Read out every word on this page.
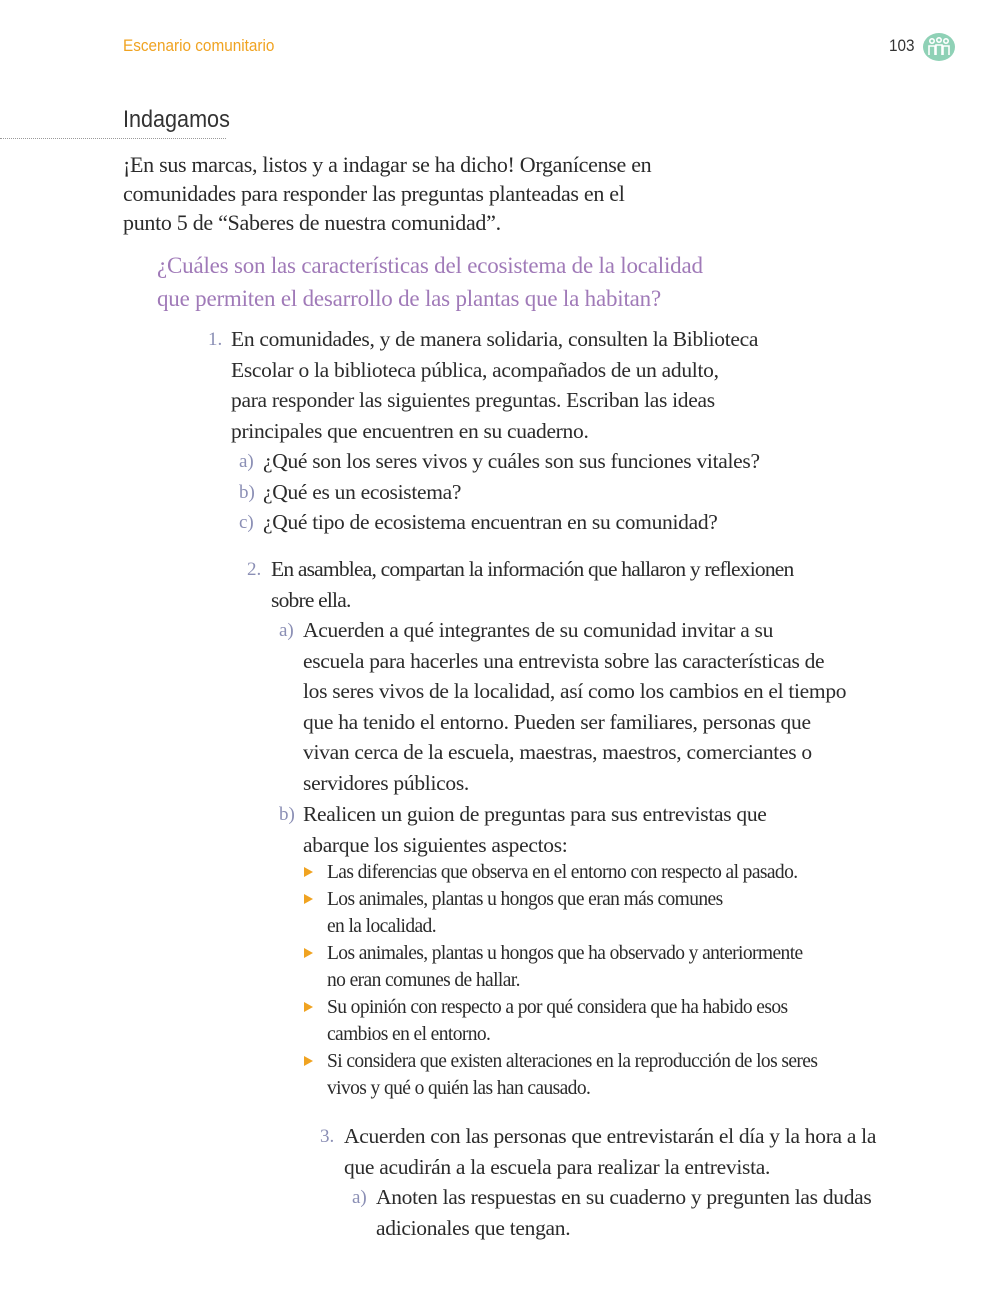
Escenario comunitario	103
Indagamos

¡En sus marcas, listos y a indagar se ha dicho! Organícense en
comunidades para responder las preguntas planteadas en el
punto 5 de “Saberes de nuestra comunidad”.

¿Cuáles son las características del ecosistema de la localidad
que permiten el desarrollo de las plantas que la habitan?

1. En comunidades, y de manera solidaria, consulten la Biblioteca
Escolar o la biblioteca pública, acompañados de un adulto,
para responder las siguientes preguntas. Escriban las ideas
principales que encuentren en su cuaderno.

a) ¿Qué son los seres vivos y cuáles son sus funciones vitales?

b) ¿Qué es un ecosistema?

c) ¿Qué tipo de ecosistema encuentran en su comunidad?

2. En asamblea, compartan la información que hallaron y reflexionen
sobre ella.

a) Acuerden a qué integrantes de su comunidad invitar a su
escuela para hacerles una entrevista sobre las características de
los seres vivos de la localidad, así como los cambios en el tiempo
que ha tenido el entorno. Pueden ser familiares, personas que
vivan cerca de la escuela, maestras, maestros, comerciantes o
servidores públicos.

b) Realicen un guion de preguntas para sus entrevistas que
abarque los siguientes aspectos:

Las diferencias que observa en el entorno con respecto al pasado.

Los animales, plantas u hongos que eran más comunes
en la localidad.

Los animales, plantas u hongos que ha observado y anteriormente
no eran comunes de hallar.

Su opinión con respecto a por qué considera que ha habido esos
cambios en el entorno.

Si considera que existen alteraciones en la reproducción de los seres
vivos y qué o quién las han causado.

3. Acuerden con las personas que entrevistarán el día y la hora a la
que acudirán a la escuela para realizar la entrevista.

a) Anoten las respuestas en su cuaderno y pregunten las dudas
adicionales que tengan.
